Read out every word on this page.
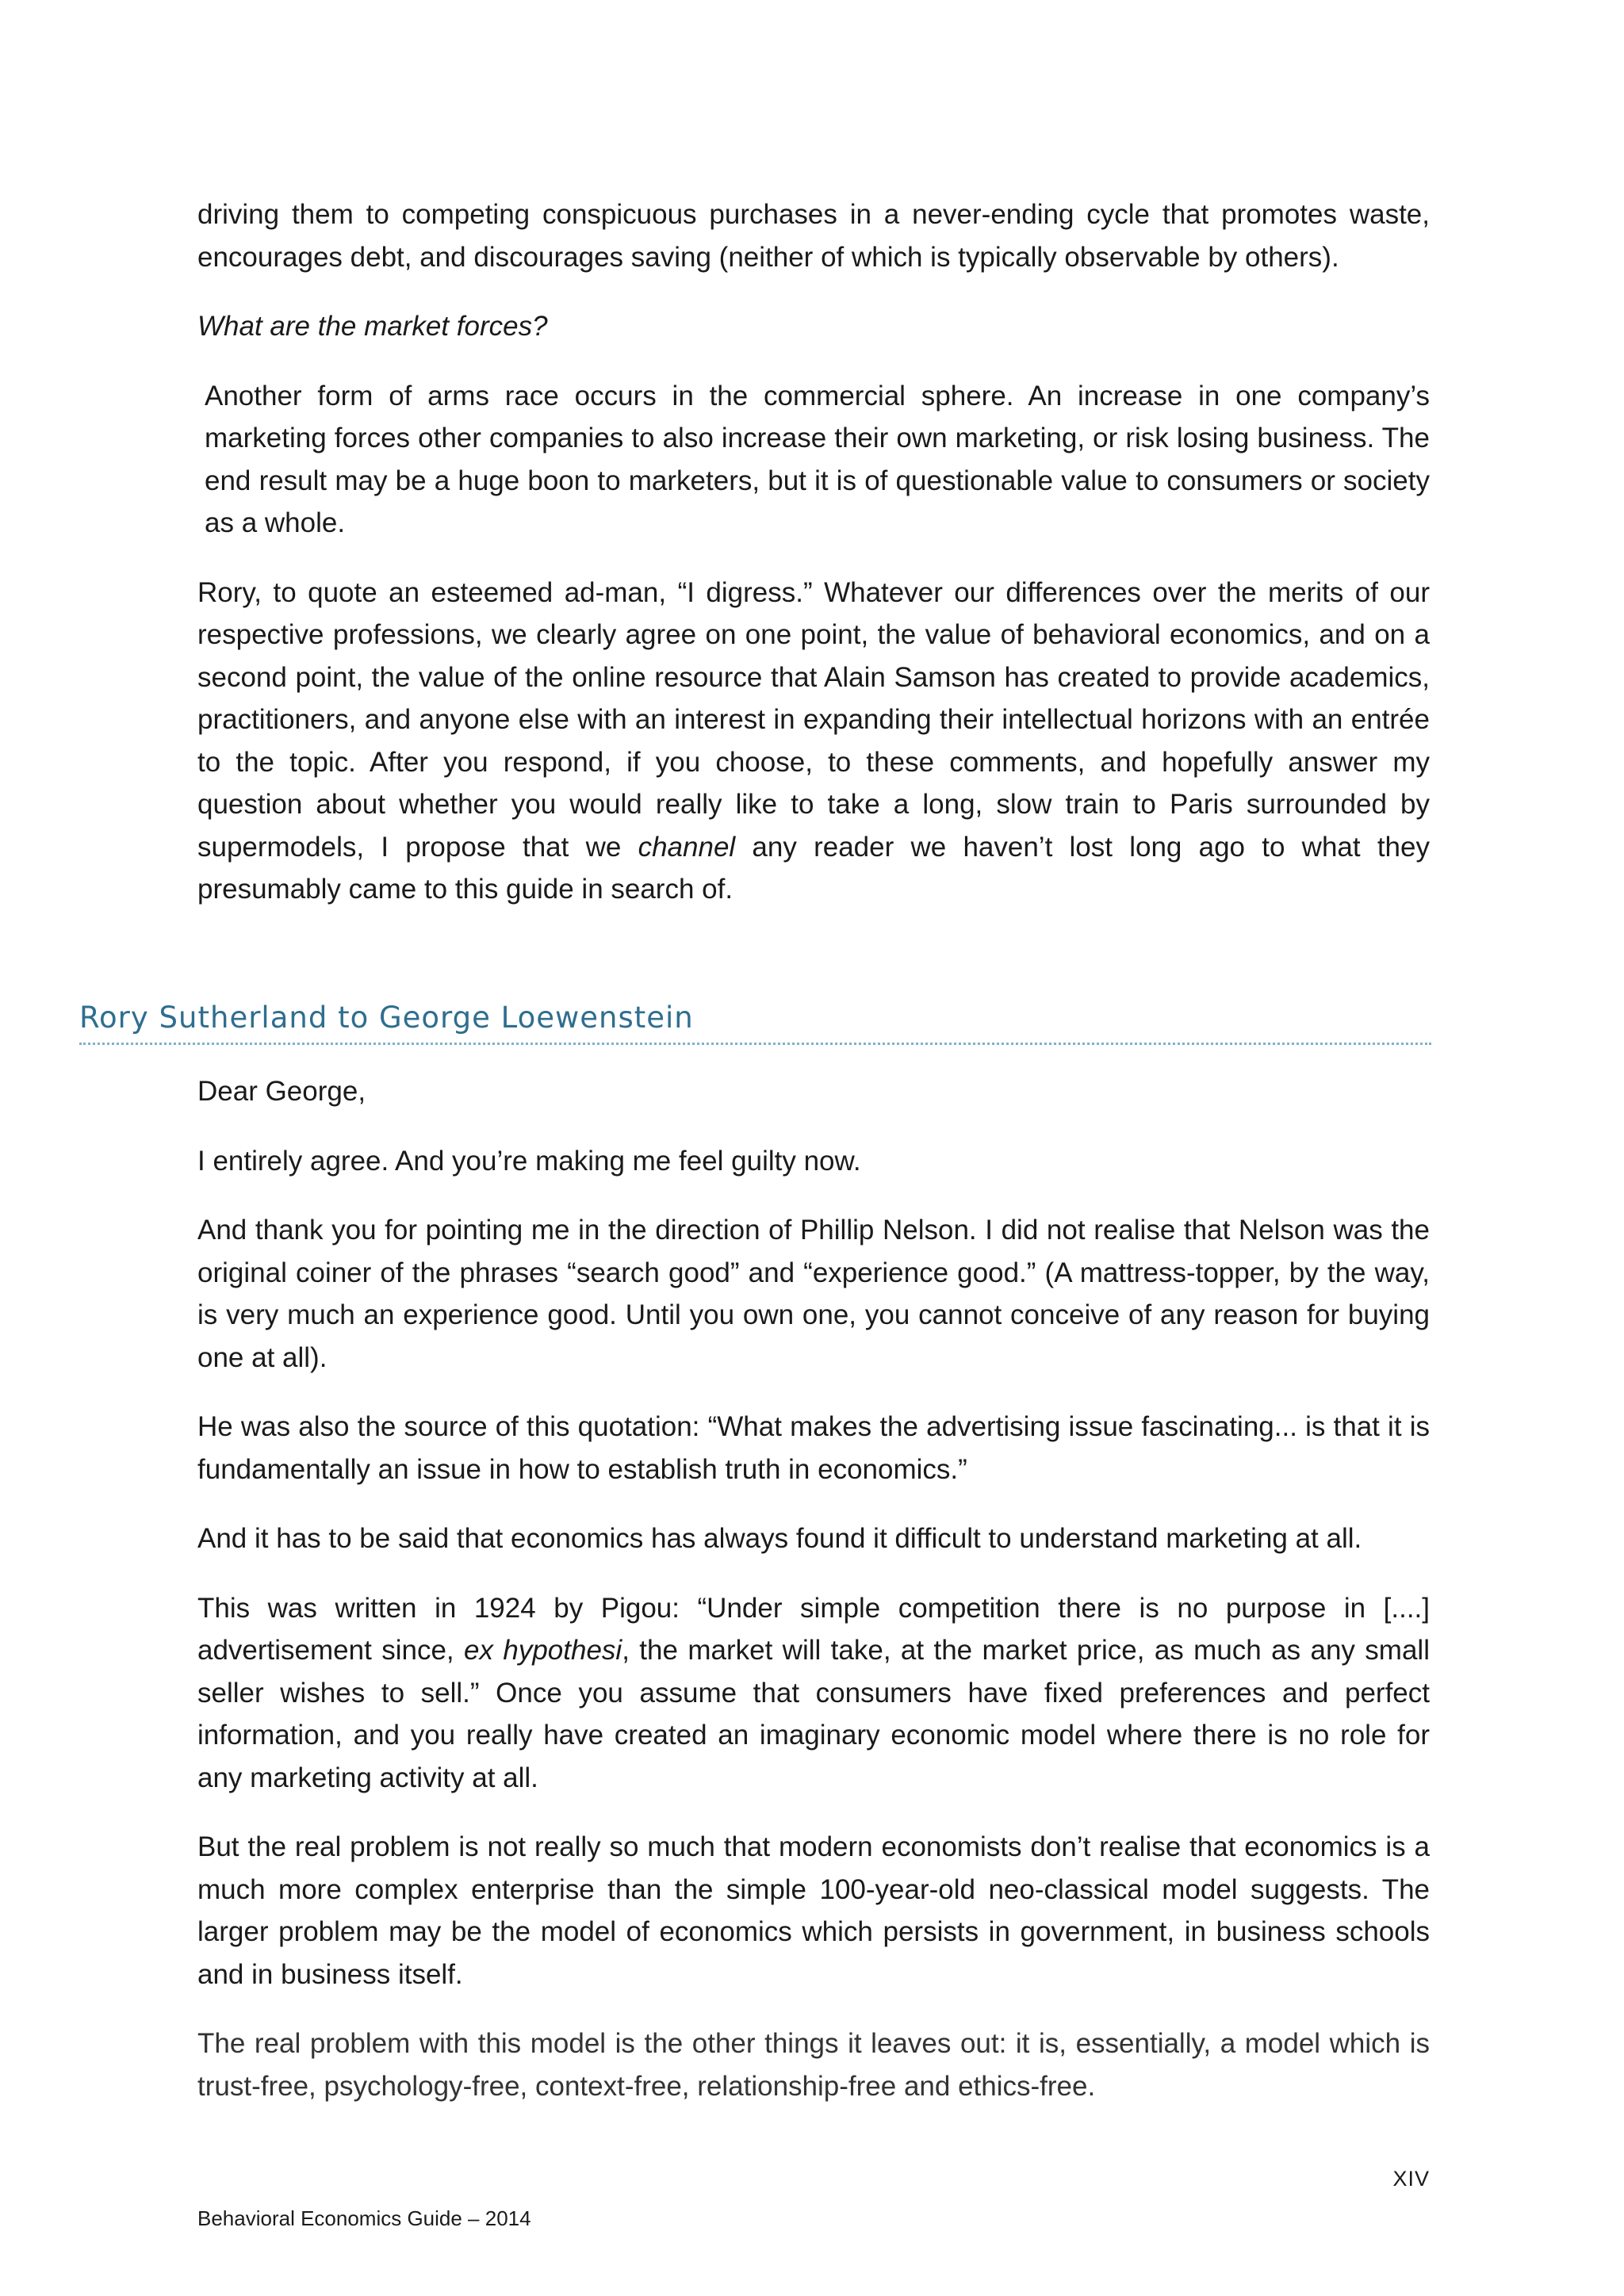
driving them to competing conspicuous purchases in a never-ending cycle that promotes waste, encourages debt, and discourages saving (neither of which is typically observable by others).

What are the market forces?

Another form of arms race occurs in the commercial sphere. An increase in one company’s marketing forces other companies to also increase their own marketing, or risk losing business. The end result may be a huge boon to marketers, but it is of questionable value to consumers or society as a whole.

Rory, to quote an esteemed ad-man, “I digress.” Whatever our differences over the merits of our respective professions, we clearly agree on one point, the value of behavioral economics, and on a second point, the value of the online resource that Alain Samson has created to provide academics, practitioners, and anyone else with an interest in expanding their intellectual horizons with an entrée to the topic. After you respond, if you choose, to these comments, and hopefully answer my question about whether you would really like to take a long, slow train to Paris surrounded by supermodels, I propose that we channel any reader we haven’t lost long ago to what they presumably came to this guide in search of.

Rory Sutherland to George Loewenstein

Dear George,

I entirely agree. And you’re making me feel guilty now.

And thank you for pointing me in the direction of Phillip Nelson. I did not realise that Nelson was the original coiner of the phrases “search good” and “experience good.” (A mattress-topper, by the way, is very much an experience good. Until you own one, you cannot conceive of any reason for buying one at all).

He was also the source of this quotation: “What makes the advertising issue fascinating... is that it is fundamentally an issue in how to establish truth in economics.”

And it has to be said that economics has always found it difficult to understand marketing at all.

This was written in 1924 by Pigou: “Under simple competition there is no purpose in [....] advertisement since, ex hypothesi, the market will take, at the market price, as much as any small seller wishes to sell.” Once you assume that consumers have fixed preferences and perfect information, and you really have created an imaginary economic model where there is no role for any marketing activity at all.

But the real problem is not really so much that modern economists don’t realise that economics is a much more complex enterprise than the simple 100-year-old neo-classical model suggests. The larger problem may be the model of economics which persists in government, in business schools and in business itself.

The real problem with this model is the other things it leaves out: it is, essentially, a model which is trust-free, psychology-free, context-free, relationship-free and ethics-free.

XIV
Behavioral Economics Guide – 2014
